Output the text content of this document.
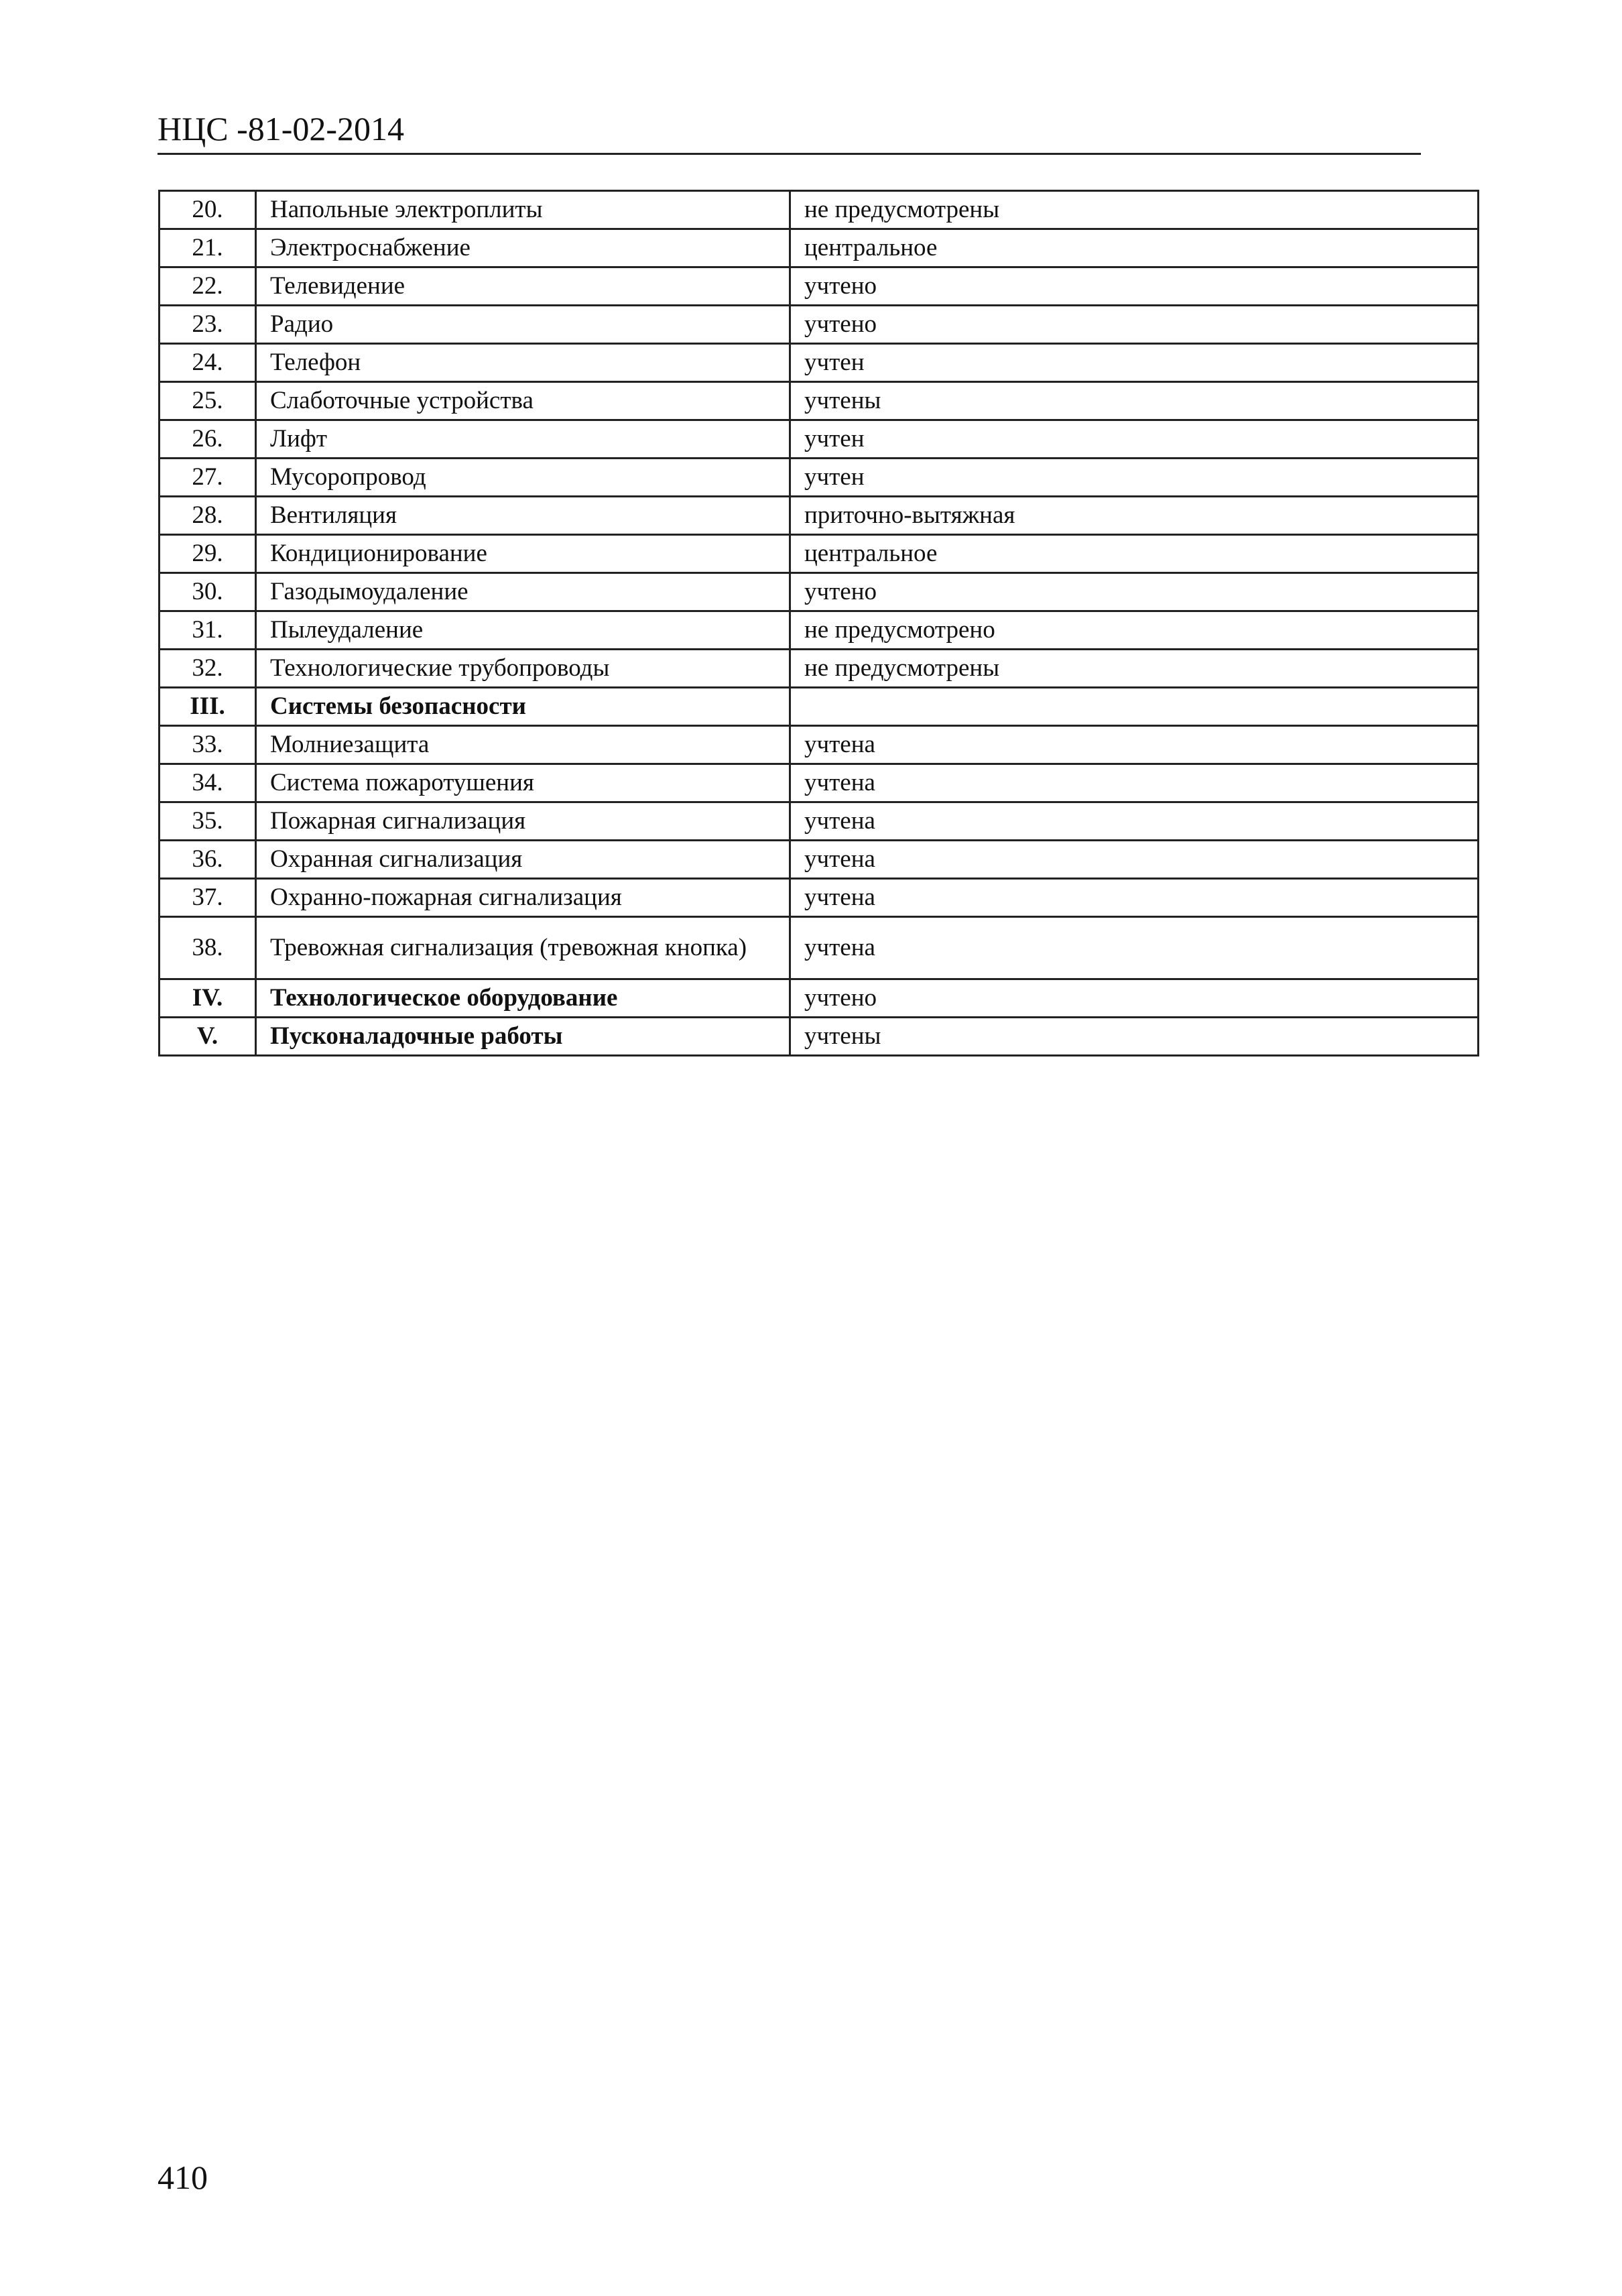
НЦС -81-02-2014
20.	Напольные электроплиты	не предусмотрены
21.	Электроснабжение	центральное
22.	Телевидение	учтено
23.	Радио	учтено
24.	Телефон	учтен
25.	Слаботочные устройства	учтены
26.	Лифт	учтен
27.	Мусоропровод	учтен
28.	Вентиляция	приточно-вытяжная
29.	Кондиционирование	центральное
30.	Газодымоудаление	учтено
31.	Пылеудаление	не предусмотрено
32.	Технологические трубопроводы	не предусмотрены
III.	Системы безопасности	
33.	Молниезащита	учтена
34.	Система пожаротушения	учтена
35.	Пожарная сигнализация	учтена
36.	Охранная сигнализация	учтена
37.	Охранно-пожарная сигнализация	учтена
38.	Тревожная сигнализация (тревожная кнопка)	учтена
IV.	Технологическое оборудование	учтено
V.	Пусконаладочные работы	учтены
410
